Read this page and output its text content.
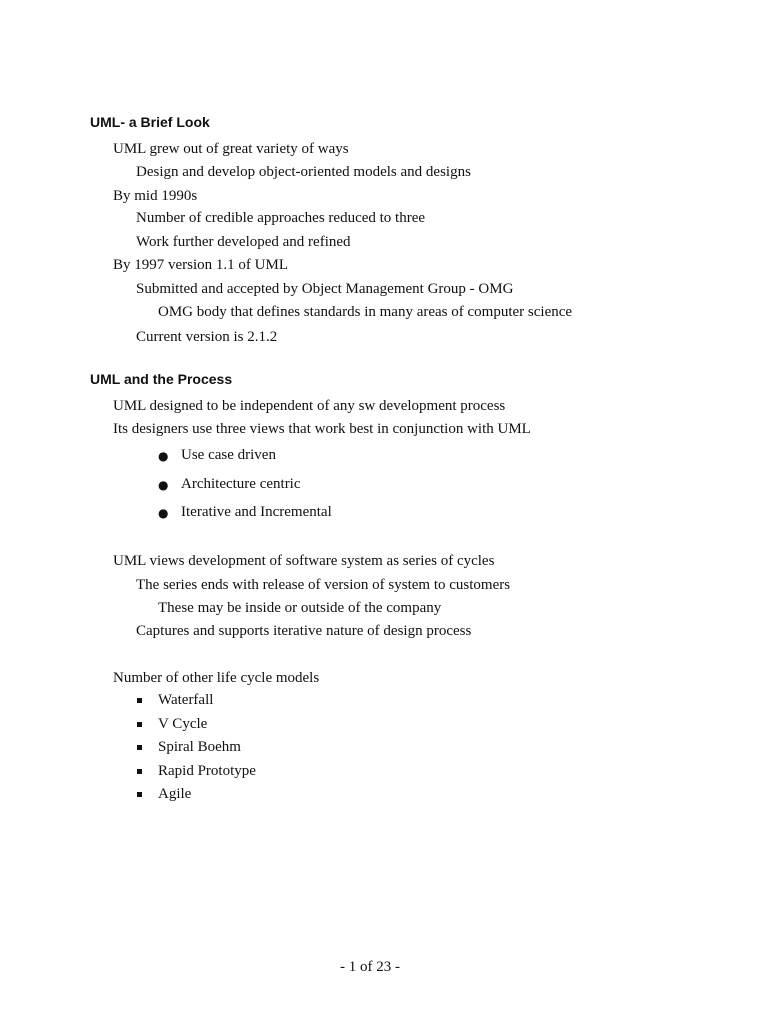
UML- a Brief Look
UML grew out of great variety of ways
Design and develop object-oriented models and designs
By mid 1990s
Number of credible approaches reduced to three
Work further developed and refined
By 1997 version 1.1 of UML
Submitted and accepted by Object Management Group - OMG
OMG body that defines standards in many areas of computer science
Current version is 2.1.2
UML and the Process
UML designed to be independent of any sw development process
Its designers use three views that work best in conjunction with UML
● Use case driven
● Architecture centric
● Iterative and Incremental
UML views development of software system as series of cycles
The series ends with release of version of system to customers
These may be inside or outside of the company
Captures and supports iterative nature of design process
Number of other life cycle models
Waterfall
V Cycle
Spiral Boehm
Rapid Prototype
Agile
- 1 of 23 -
